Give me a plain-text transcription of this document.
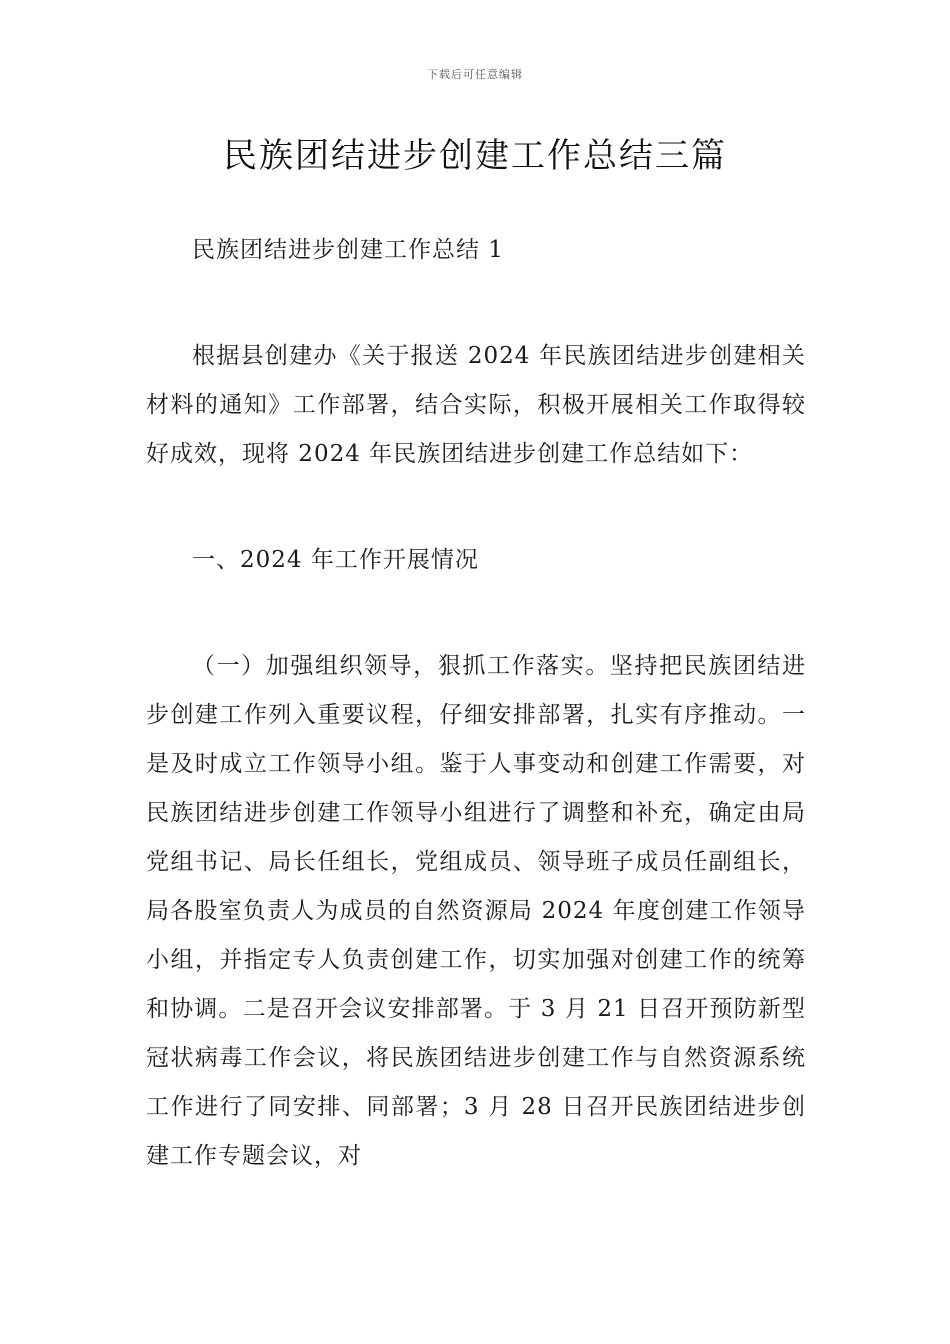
下载后可任意编辑
民族团结进步创建工作总结三篇

民族团结进步创建工作总结 1

根据县创建办《关于报送 2024 年民族团结进步创建相关材料的通知》工作部署，结合实际，积极开展相关工作取得较好成效，现将 2024 年民族团结进步创建工作总结如下：

一、2024 年工作开展情况

（一）加强组织领导，狠抓工作落实。坚持把民族团结进步创建工作列入重要议程，仔细安排部署，扎实有序推动。一是及时成立工作领导小组。鉴于人事变动和创建工作需要，对民族团结进步创建工作领导小组进行了调整和补充，确定由局党组书记、局长任组长，党组成员、领导班子成员任副组长，局各股室负责人为成员的自然资源局 2024 年度创建工作领导小组，并指定专人负责创建工作，切实加强对创建工作的统筹和协调。二是召开会议安排部署。于 3 月 21 日召开预防新型冠状病毒工作会议，将民族团结进步创建工作与自然资源系统工作进行了同安排、同部署；3 月 28 日召开民族团结进步创建工作专题会议，对
